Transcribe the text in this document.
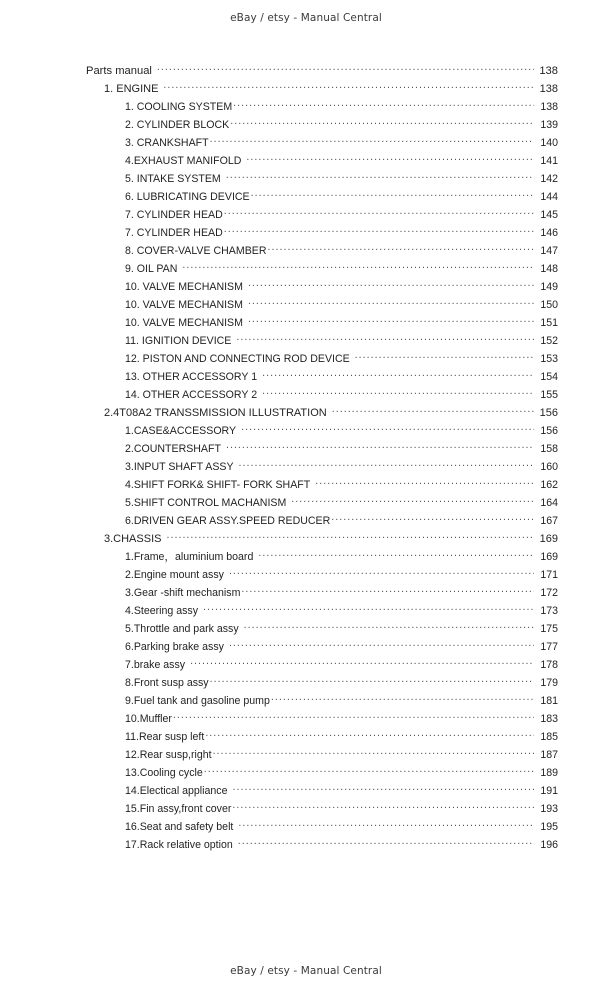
eBay / etsy - Manual Central
Parts manual .....	138
1. ENGINE .....	138
1. COOLING SYSTEM .....	138
2. CYLINDER BLOCK .....	139
3. CRANKSHAFT .....	140
4.EXHAUST MANIFOLD .....	141
5. INTAKE SYSTEM .....	142
6. LUBRICATING DEVICE .....	144
7. CYLINDER HEAD .....	145
7. CYLINDER HEAD .....	146
8. COVER-VALVE CHAMBER .....	147
9. OIL PAN .....	148
10. VALVE MECHANISM .....	149
10. VALVE MECHANISM .....	150
10. VALVE MECHANISM .....	151
11. IGNITION DEVICE .....	152
12. PISTON AND CONNECTING ROD DEVICE .....	153
13. OTHER ACCESSORY 1 .....	154
14. OTHER ACCESSORY 2 .....	155
2.4T08A2 TRANSSMISSION ILLUSTRATION .....	156
1.CASE&ACCESSORY .....	156
2.COUNTERSHAFT .....	158
3.INPUT SHAFT ASSY .....	160
4.SHIFT FORK& SHIFT- FORK SHAFT .....	162
5.SHIFT CONTROL MACHANISM .....	164
6.DRIVEN GEAR ASSY.SPEED REDUCER .....	167
3.CHASSIS .....	169
1.Frame，aluminium board .....	169
2.Engine mount assy .....	171
3.Gear -shift mechanism .....	172
4.Steering assy .....	173
5.Throttle and park assy .....	175
6.Parking brake assy .....	177
7.brake assy .....	178
8.Front susp assy .....	179
9.Fuel tank and gasoline pump .....	181
10.Muffler .....	183
11.Rear susp left .....	185
12.Rear susp,right .....	187
13.Cooling cycle .....	189
14.Electical appliance .....	191
15.Fin assy,front cover .....	193
16.Seat and safety belt .....	195
17.Rack relative option .....	196
eBay / etsy - Manual Central
